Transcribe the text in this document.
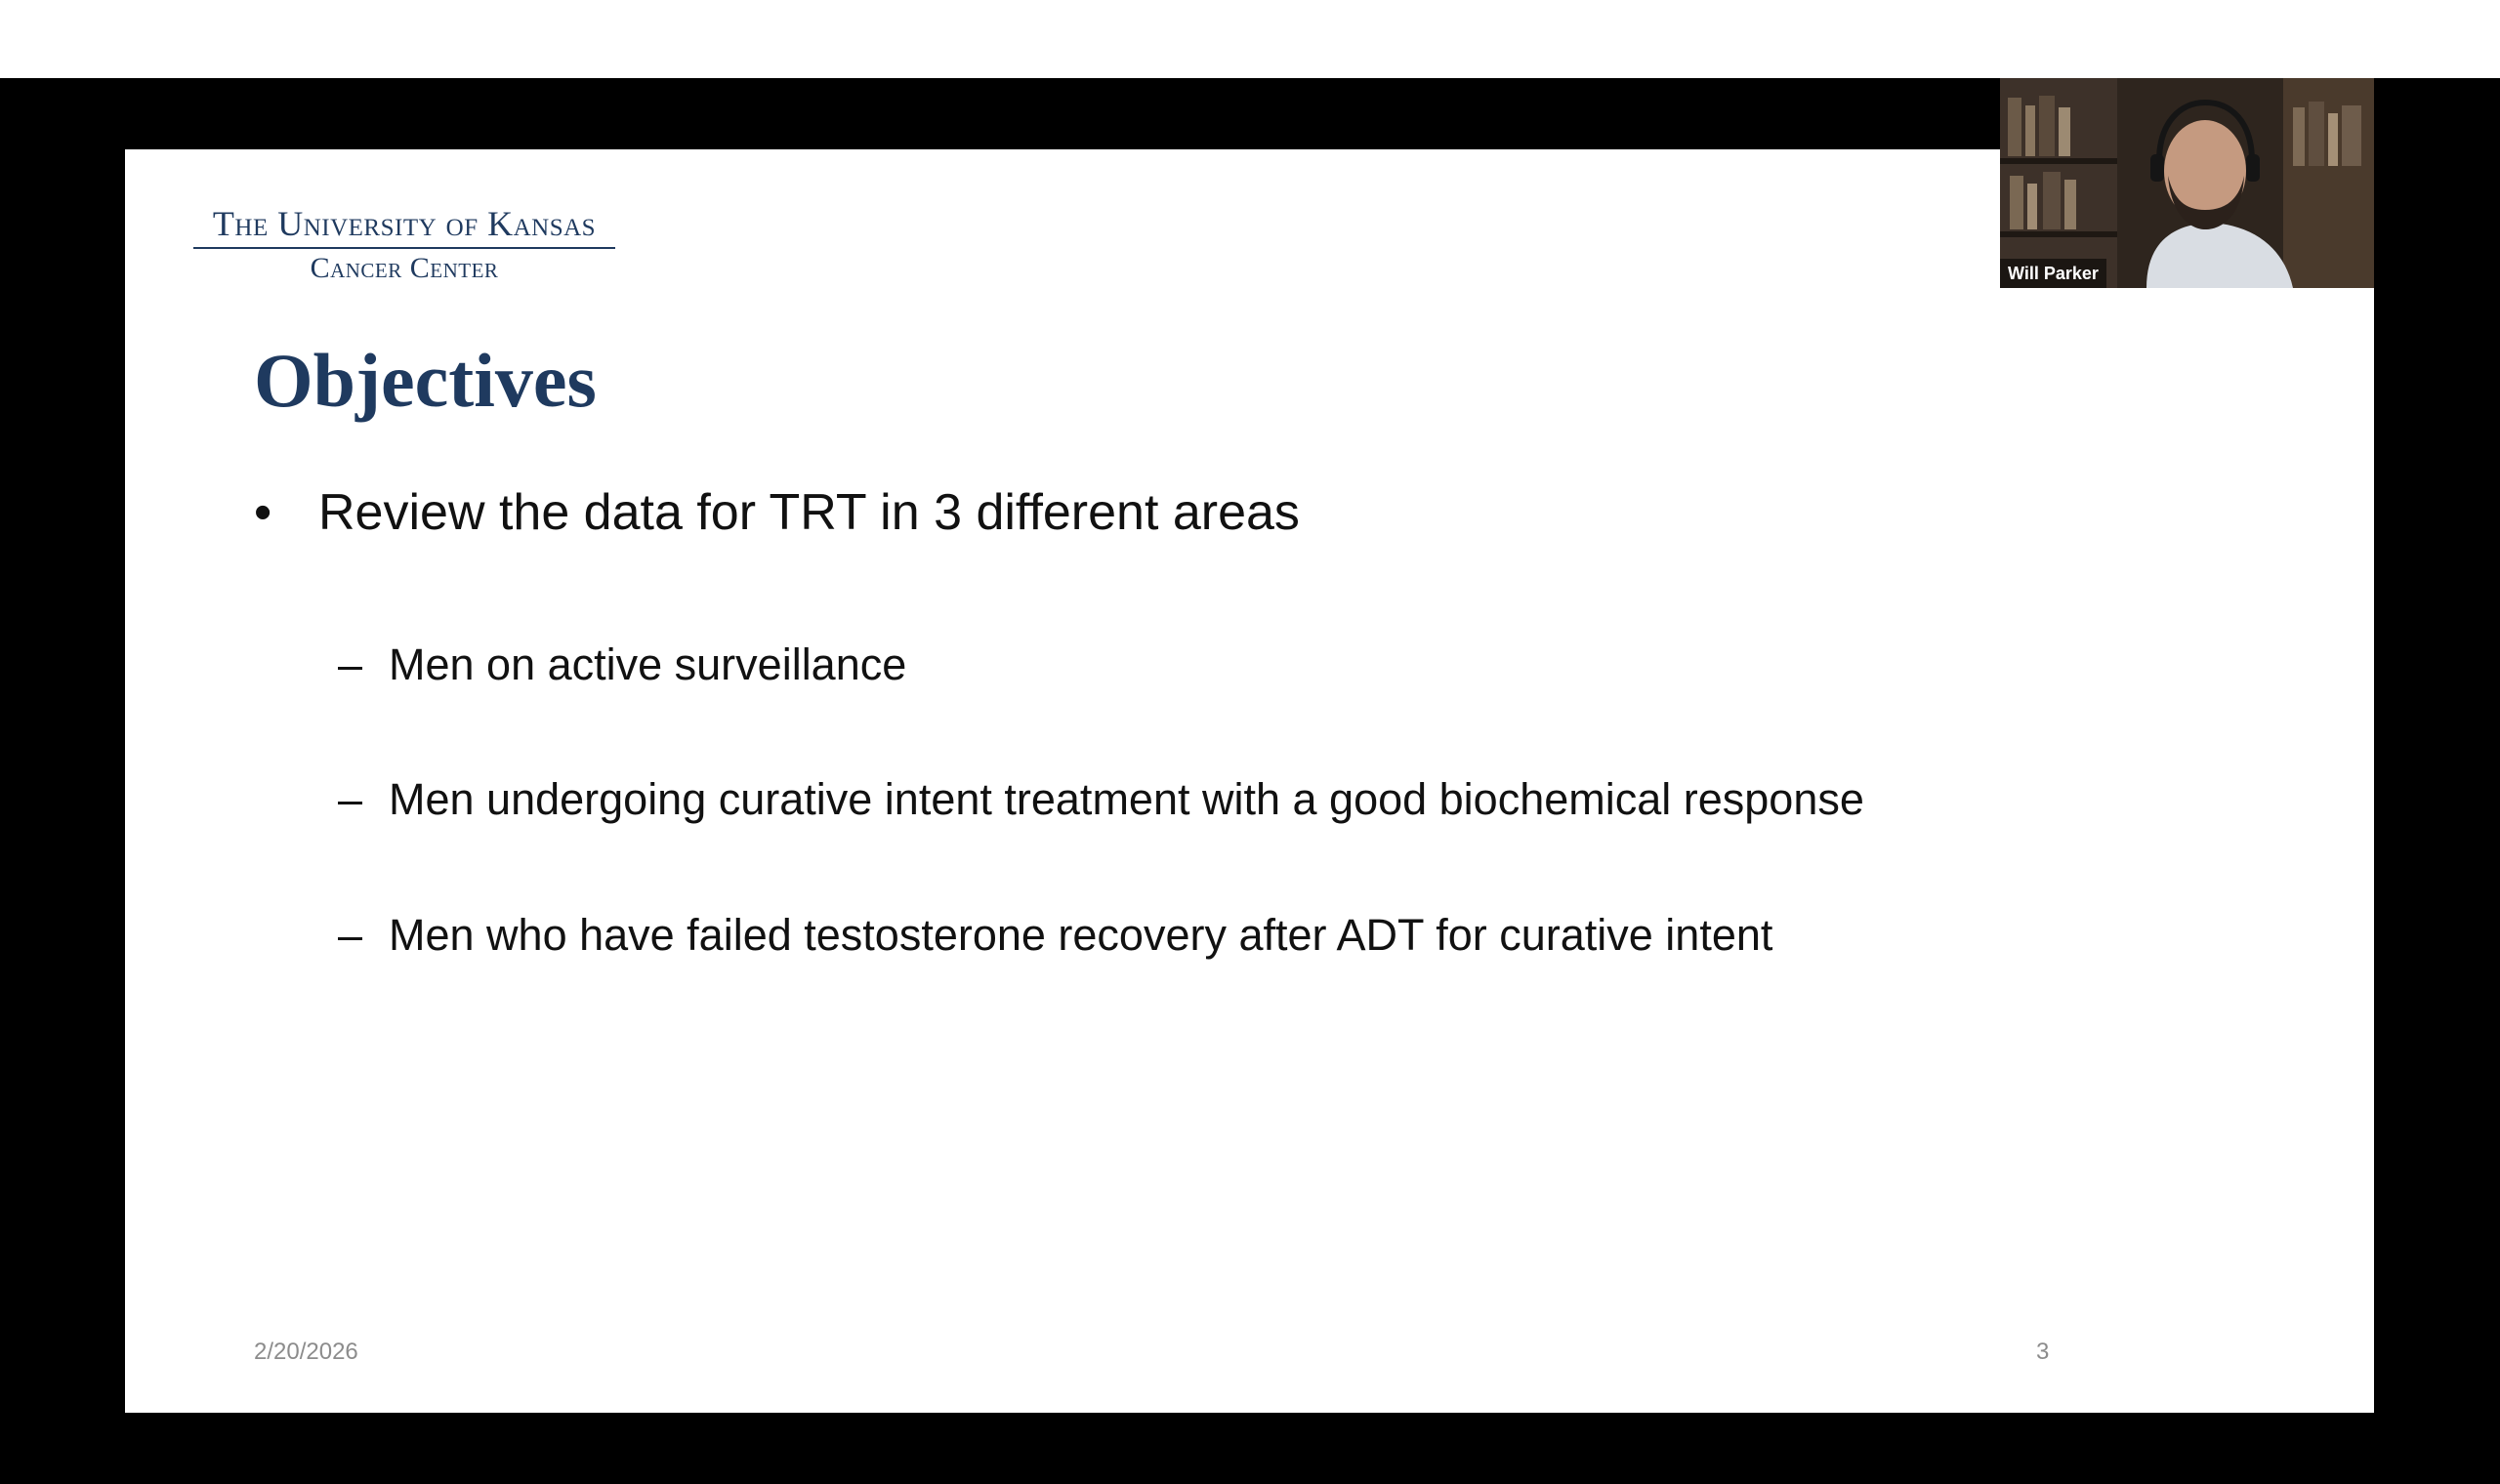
The University of Kansas
Cancer Center
Objectives
• Review the data for TRT in 3 different areas
– Men on active surveillance
– Men undergoing curative intent treatment with a good biochemical response
– Men who have failed testosterone recovery after ADT for curative intent
2/20/2026	3
Will Parker
